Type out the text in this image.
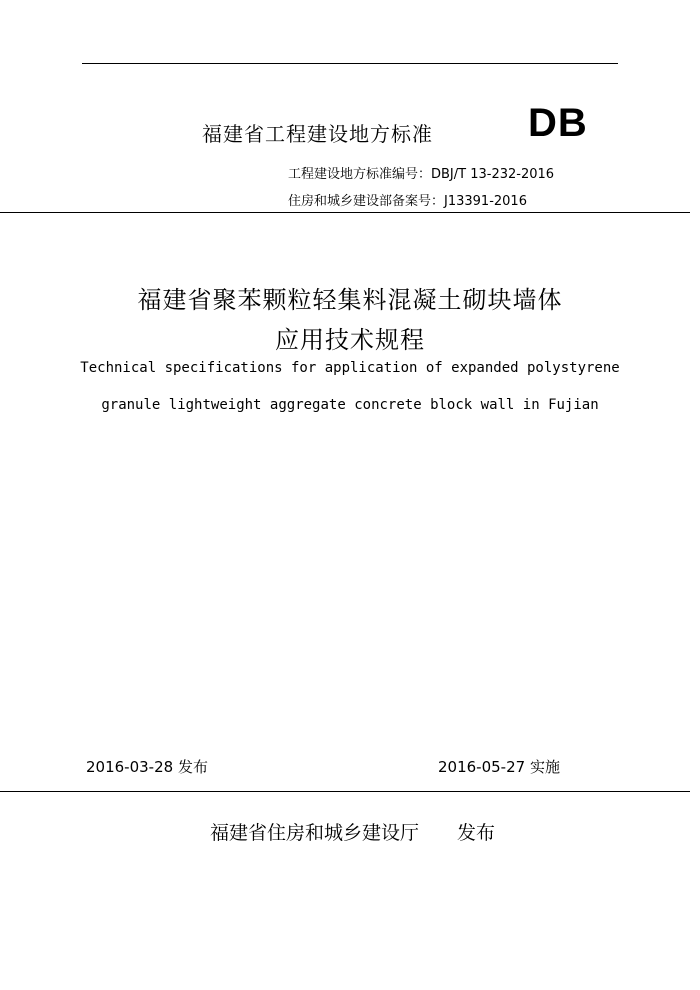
福建省工程建设地方标准 DB
工程建设地方标准编号：DBJ/T 13-232-2016
住房和城乡建设部备案号：J13391-2016
福建省聚苯颗粒轻集料混凝土砌块墙体
应用技术规程
Technical specifications for application of expanded polystyrene
granule lightweight aggregate concrete block wall in Fujian
2016-03-28 发布	2016-05-27 实施
福建省住房和城乡建设厅　　发布
